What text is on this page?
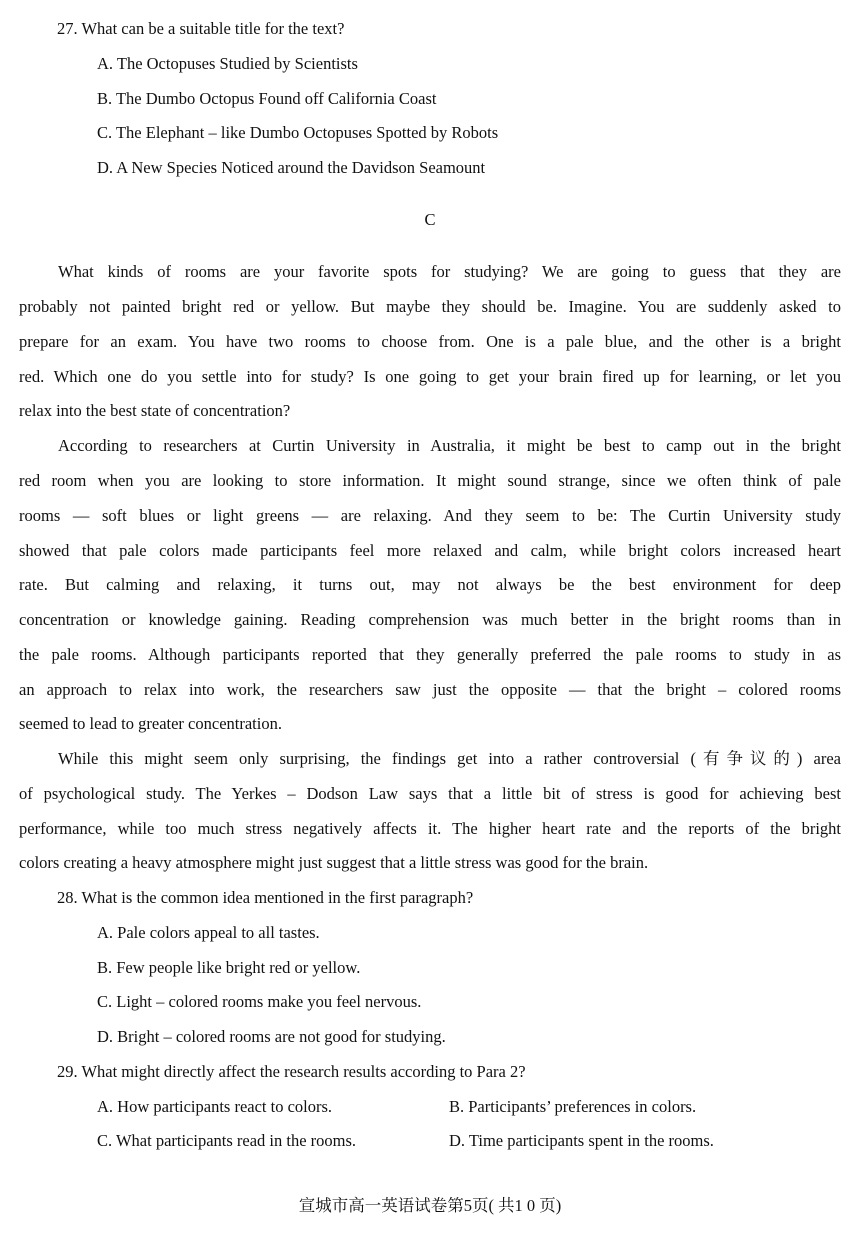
27. What can be a suitable title for the text?
A. The Octopuses Studied by Scientists
B. The Dumbo Octopus Found off California Coast
C. The Elephant – like Dumbo Octopuses Spotted by Robots
D. A New Species Noticed around the Davidson Seamount
C
What kinds of rooms are your favorite spots for studying? We are going to guess that they are
probably not painted bright red or yellow. But maybe they should be. Imagine. You are suddenly asked to
prepare for an exam. You have two rooms to choose from. One is a pale blue, and the other is a bright
red. Which one do you settle into for study? Is one going to get your brain fired up for learning, or let you
relax into the best state of concentration?
According to researchers at Curtin University in Australia, it might be best to camp out in the bright
red room when you are looking to store information. It might sound strange, since we often think of pale
rooms — soft blues or light greens — are relaxing. And they seem to be: The Curtin University study
showed that pale colors made participants feel more relaxed and calm, while bright colors increased heart
rate. But calming and relaxing, it turns out, may not always be the best environment for deep
concentration or knowledge gaining. Reading comprehension was much better in the bright rooms than in
the pale rooms. Although participants reported that they generally preferred the pale rooms to study in as
an approach to relax into work, the researchers saw just the opposite — that the bright – colored rooms
seemed to lead to greater concentration.
While this might seem only surprising, the findings get into a rather controversial (有争议的) area
of psychological study. The Yerkes – Dodson Law says that a little bit of stress is good for achieving best
performance, while too much stress negatively affects it. The higher heart rate and the reports of the bright
colors creating a heavy atmosphere might just suggest that a little stress was good for the brain.
28. What is the common idea mentioned in the first paragraph?
A. Pale colors appeal to all tastes.
B. Few people like bright red or yellow.
C. Light – colored rooms make you feel nervous.
D. Bright – colored rooms are not good for studying.
29. What might directly affect the research results according to Para 2?
A. How participants react to colors.	B. Participants’ preferences in colors.
C. What participants read in the rooms.	D. Time participants spent in the rooms.
宣城市高一英语试卷第5页( 共1 0 页)
